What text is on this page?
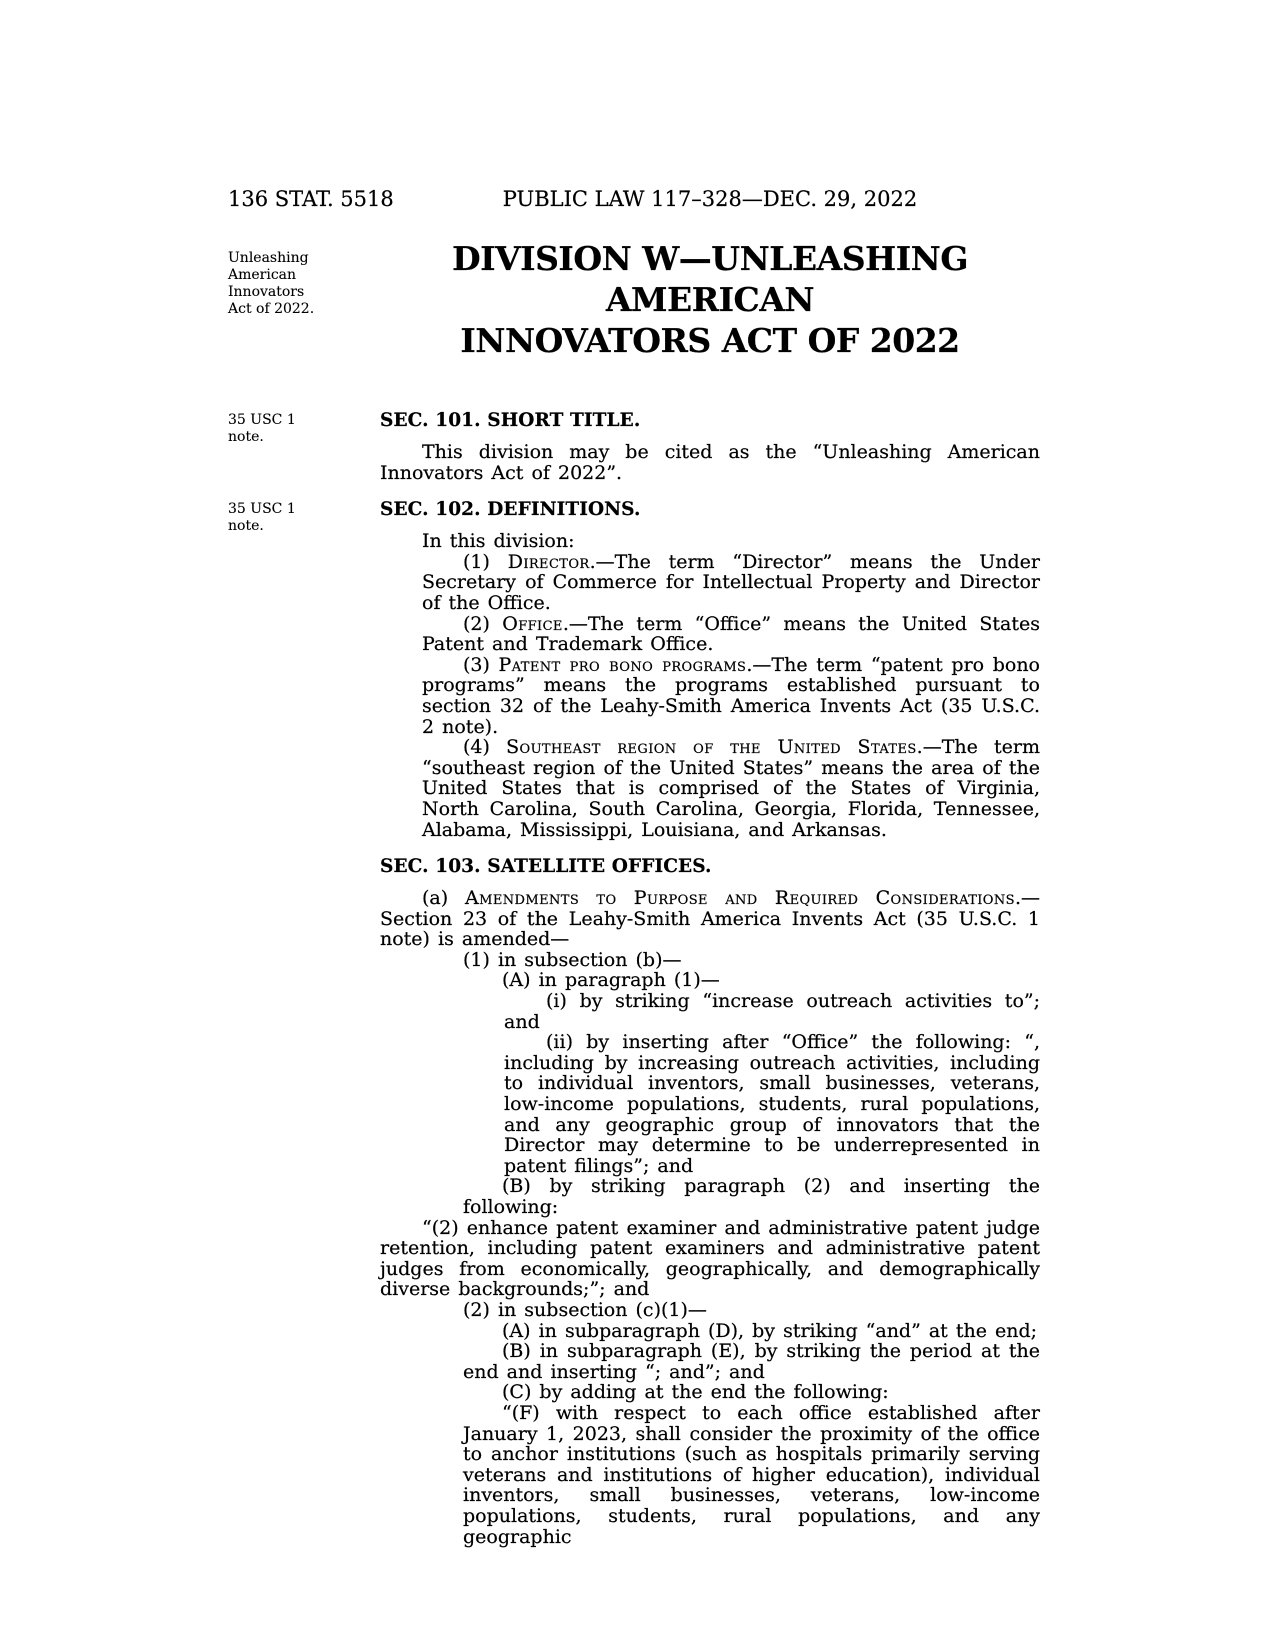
136 STAT. 5518	PUBLIC LAW 117–328—DEC. 29, 2022
Unleashing American Innovators Act of 2022.
DIVISION W—UNLEASHING AMERICAN
INNOVATORS ACT OF 2022
35 USC 1 note.
SEC. 101. SHORT TITLE.

This division may be cited as the “Unleashing American Innovators Act of 2022”.

35 USC 1 note.
SEC. 102. DEFINITIONS.

In this division:

(1) Director.—The term “Director” means the Under Secretary of Commerce for Intellectual Property and Director of the Office.

(2) Office.—The term “Office” means the United States Patent and Trademark Office.

(3) Patent pro bono programs.—The term “patent pro bono programs” means the programs established pursuant to section 32 of the Leahy-Smith America Invents Act (35 U.S.C. 2 note).

(4) Southeast region of the United States.—The term “southeast region of the United States” means the area of the United States that is comprised of the States of Virginia, North Carolina, South Carolina, Georgia, Florida, Tennessee, Alabama, Mississippi, Louisiana, and Arkansas.

SEC. 103. SATELLITE OFFICES.

(a) Amendments to Purpose and Required Considerations.—Section 23 of the Leahy-Smith America Invents Act (35 U.S.C. 1 note) is amended—

(1) in subsection (b)—

(A) in paragraph (1)—

(i) by striking “increase outreach activities to”; and

(ii) by inserting after “Office” the following: “, including by increasing outreach activities, including to individual inventors, small businesses, veterans, low-income populations, students, rural populations, and any geographic group of innovators that the Director may determine to be underrepresented in patent filings”; and

(B) by striking paragraph (2) and inserting the following:

“(2) enhance patent examiner and administrative patent judge retention, including patent examiners and administrative patent judges from economically, geographically, and demographically diverse backgrounds;”; and

(2) in subsection (c)(1)—

(A) in subparagraph (D), by striking “and” at the end;

(B) in subparagraph (E), by striking the period at the end and inserting “; and”; and

(C) by adding at the end the following:

“(F) with respect to each office established after January 1, 2023, shall consider the proximity of the office to anchor institutions (such as hospitals primarily serving veterans and institutions of higher education), individual inventors, small businesses, veterans, low-income populations, students, rural populations, and any geographic
